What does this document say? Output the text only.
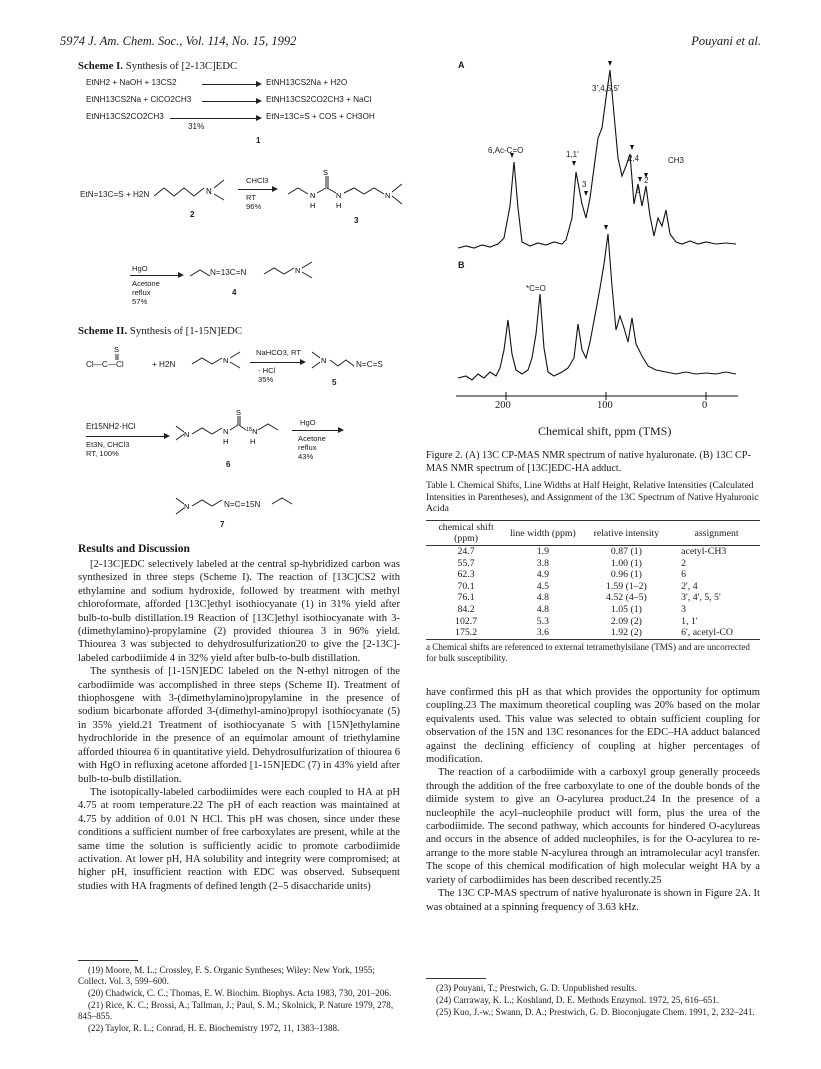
5974 J. Am. Chem. Soc., Vol. 114, No. 15, 1992	Pouyani et al.
Scheme I. Synthesis of [2-13C]EDC
EtNH2 + NaOH + 13CS2	EtNH13CS2Na + H2O
EtNH13CS2Na + ClCO2CH3	EtNH13CS2CO2CH3 + NaCl
EtNH13CS2CO2CH3
31%
EtN=13C=S + COS + CH3OH
1
EtN=13C=S + H2N	N
2
CHCl3
RT
96%
N
H
S
N
H
N
3
HgO
Acetone
reflux
57%
N=13C=N	N
4
Scheme II. Synthesis of [1-15N]EDC
S
Cl—C—Cl	+ H2N	N
NaHCO3, RT
- HCl
35%
N	N=C=S
5
Et15NH2·HCl
Et3N, CHCl3
RT, 100%
N	N
H
S
$^{15}$N
H
6
HgO
Acetone
reflux
43%
N	N=C=15N
7
Results and Discussion

[2-13C]EDC selectively labeled at the central sp-hybridized carbon was synthesized in three steps (Scheme I). The reaction of [13C]CS2 with ethylamine and sodium hydroxide, followed by treatment with methyl chloroformate, afforded [13C]ethyl isothiocyanate (1) in 31% yield after bulb-to-bulb distillation.19 Reaction of [13C]ethyl isothiocyanate with 3-(dimethylamino)-propylamine (2) provided thiourea 3 in 96% yield. Thiourea 3 was subjected to dehydrosulfurization20 to give the [2-13C]-labeled carbodiimide 4 in 32% yield after bulb-to-bulb distillation.

The synthesis of [1-15N]EDC labeled on the N-ethyl nitrogen of the carbodiimide was accomplished in three steps (Scheme II). Treatment of thiophosgene with 3-(dimethylamino)propylamine in the presence of sodium bicarbonate afforded 3-(dimethyl-amino)propyl isothiocyanate (5) in 35% yield.21 Treatment of isothiocyanate 5 with [15N]ethylamine hydrochloride in the presence of an equimolar amount of triethylamine afforded thiourea 6 in quantitative yield. Dehydrosulfurization of thiourea 6 with HgO in refluxing acetone afforded [1-15N]EDC (7) in 43% yield after bulb-to-bulb distillation.

The isotopically-labeled carbodiimides were each coupled to HA at pH 4.75 at room temperature.22 The pH of each reaction was maintained at 4.75 by addition of 0.01 N HCl. This pH was chosen, since under these conditions a sufficient number of free carboxylates are present, while at the same time the solution is sufficiently acidic to promote carbodiimide activation. At lower pH, HA solubility and integrity were compromised; at higher pH, insufficient reaction with EDC was observed. Subsequent studies with HA fragments of defined length (2–5 disaccharide units)

(19) Moore, M. L.; Crossley, F. S. Organic Syntheses; Wiley: New York, 1955; Collect. Vol. 3, 599–600.

(20) Chadwick, C. C.; Thomas, E. W. Biochim. Biophys. Acta 1983, 730, 201–206.

(21) Rice, K. C.; Brossi, A.; Tallman, J.; Paul, S. M.; Skolnick, P. Nature 1979, 278, 845–855.

(22) Taylor, R. L.; Conrad, H. E. Biochemistry 1972, 11, 1383–1388.

A
B
6,Ac-C=O	1,1'
3
3',4,5,5'
2,4
6
2
CH3
*C=O
200	100	0
Chemical shift, ppm (TMS)
Figure 2. (A) 13C CP-MAS NMR spectrum of native hyaluronate. (B) 13C CP-MAS NMR spectrum of [13C]EDC-HA adduct.
Table I. Chemical Shifts, Line Widths at Half Height, Relative Intensities (Calculated Intensities in Parentheses), and Assignment of the 13C Spectrum of Native Hyaluronic Acida
chemical shift (ppm)	line width (ppm)	relative intensity	assignment

24.7	1.9	0.87 (1)	acetyl-CH3
55.7	3.8	1.00 (1)	2
62.3	4.9	0.96 (1)	6
70.1	4.5	1.59 (1–2)	2', 4
76.1	4.8	4.52 (4–5)	3', 4', 5, 5'
84.2	4.8	1.05 (1)	3
102.7	5.3	2.09 (2)	1, 1'
175.2	3.6	1.92 (2)	6', acetyl-CO
a Chemical shifts are referenced to external tetramethylsilane (TMS) and are uncorrected for bulk susceptibility.

have confirmed this pH as that which provides the opportunity for optimum coupling.23 The maximum theoretical coupling was 20% based on the molar equivalents used. This value was selected to obtain sufficient coupling for observation of the 15N and 13C resonances for the EDC–HA adduct balanced against the declining efficiency of coupling at higher percentages of modification.

The reaction of a carbodiimide with a carboxyl group generally proceeds through the addition of the free carboxylate to one of the double bonds of the diimide system to give an O-acylurea product.24 In the presence of a nucleophile the acyl–nucleophile product will form, plus the urea of the carbodiimide. The second pathway, which accounts for hindered O-acylureas and occurs in the absence of added nucleophiles, is for the O-acylurea to re-arrange to the more stable N-acylurea through an intramolecular acyl transfer. The scope of this chemical modification of high molecular weight HA by a variety of carbodiimides has been described recently.25

The 13C CP-MAS spectrum of native hyaluronate is shown in Figure 2A. It was obtained at a spinning frequency of 3.63 kHz.

(23) Pouyani, T.; Prestwich, G. D. Unpublished results.

(24) Carraway, K. L.; Koshland, D. E. Methods Enzymol. 1972, 25, 616–651.

(25) Kuo, J.-w.; Swann, D. A.; Prestwich, G. D. Bioconjugate Chem. 1991, 2, 232–241.
